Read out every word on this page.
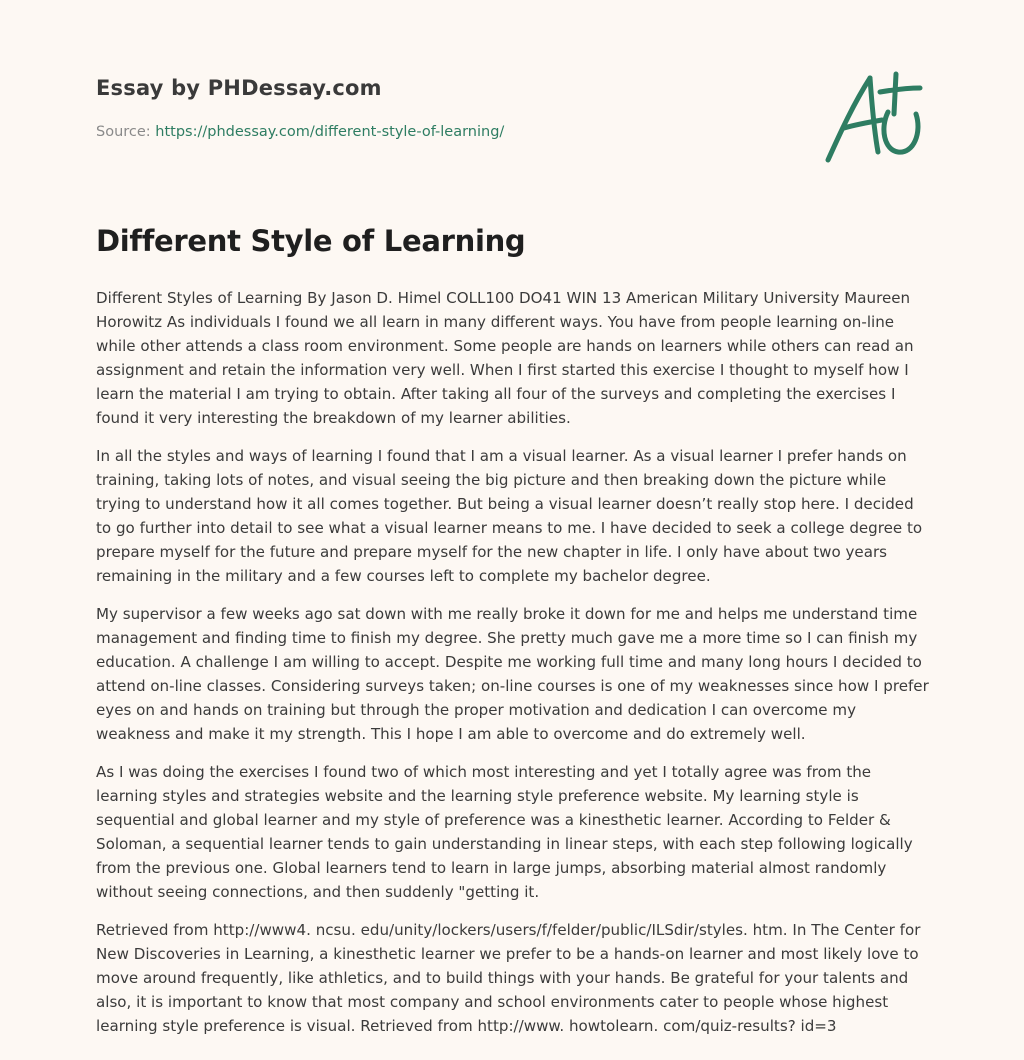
Essay by PHDessay.com
Source: https://phdessay.com/different-style-of-learning/
Different Style of Learning

Different Styles of Learning By Jason D. Himel COLL100 DO41 WIN 13 American Military University Maureen Horowitz As individuals I found we all learn in many different ways. You have from people learning on-line while other attends a class room environment. Some people are hands on learners while others can read an assignment and retain the information very well. When I first started this exercise I thought to myself how I learn the material I am trying to obtain. After taking all four of the surveys and completing the exercises I found it very interesting the breakdown of my learner abilities.

In all the styles and ways of learning I found that I am a visual learner. As a visual learner I prefer hands on training, taking lots of notes, and visual seeing the big picture and then breaking down the picture while trying to understand how it all comes together. But being a visual learner doesn’t really stop here. I decided to go further into detail to see what a visual learner means to me. I have decided to seek a college degree to prepare myself for the future and prepare myself for the new chapter in life. I only have about two years remaining in the military and a few courses left to complete my bachelor degree.

My supervisor a few weeks ago sat down with me really broke it down for me and helps me understand time management and finding time to finish my degree. She pretty much gave me a more time so I can finish my education. A challenge I am willing to accept. Despite me working full time and many long hours I decided to attend on-line classes. Considering surveys taken; on-line courses is one of my weaknesses since how I prefer eyes on and hands on training but through the proper motivation and dedication I can overcome my weakness and make it my strength. This I hope I am able to overcome and do extremely well.

As I was doing the exercises I found two of which most interesting and yet I totally agree was from the learning styles and strategies website and the learning style preference website. My learning style is sequential and global learner and my style of preference was a kinesthetic learner. According to Felder & Soloman, a sequential learner tends to gain understanding in linear steps, with each step following logically from the previous one. Global learners tend to learn in large jumps, absorbing material almost randomly without seeing connections, and then suddenly "getting it.

Retrieved from http://www4. ncsu. edu/unity/lockers/users/f/felder/public/ILSdir/styles. htm. In The Center for New Discoveries in Learning, a kinesthetic learner we prefer to be a hands-on learner and most likely love to move around frequently, like athletics, and to build things with your hands. Be grateful for your talents and also, it is important to know that most company and school environments cater to people whose highest learning style preference is visual. Retrieved from http://www. howtolearn. com/quiz-results? id=3
